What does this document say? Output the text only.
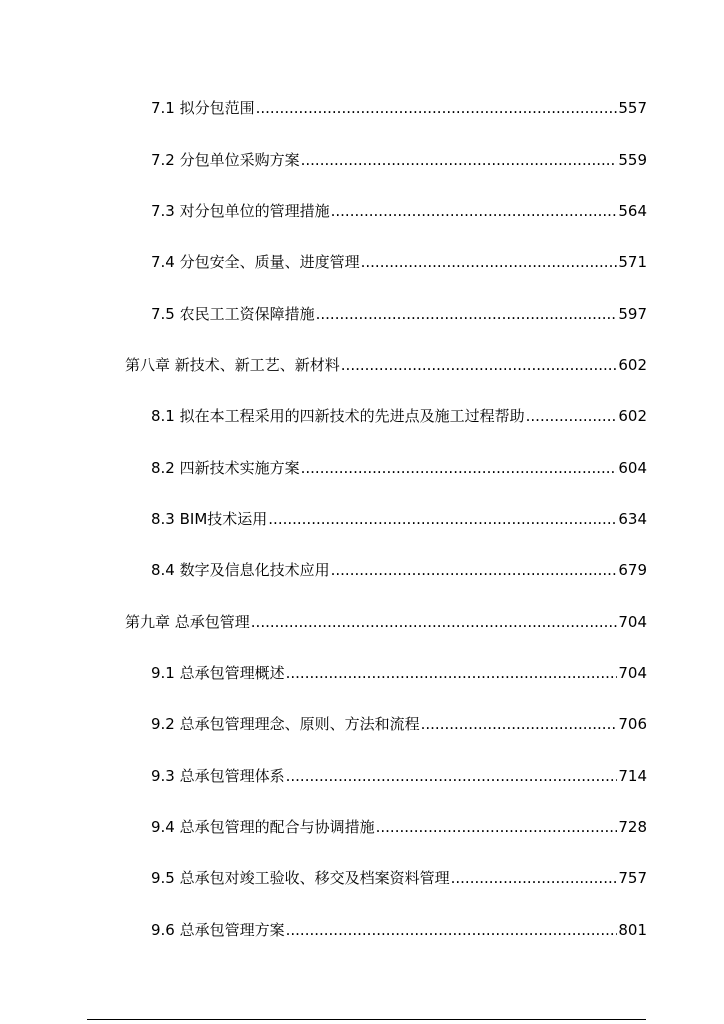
7.1 拟分包范围 .....	557
7.2 分包单位采购方案 .....	559
7.3 对分包单位的管理措施 .....	564
7.4 分包安全、质量、进度管理 .....	571
7.5 农民工工资保障措施 .....	597
第八章 新技术、新工艺、新材料 .....	602
8.1 拟在本工程采用的四新技术的先进点及施工过程帮助 .....	602
8.2 四新技术实施方案 .....	604
8.3 BIM技术运用 .....	634
8.4 数字及信息化技术应用 .....	679
第九章 总承包管理 .....	704
9.1 总承包管理概述 .....	704
9.2 总承包管理理念、原则、方法和流程 .....	706
9.3 总承包管理体系 .....	714
9.4 总承包管理的配合与协调措施 .....	728
9.5 总承包对竣工验收、移交及档案资料管理 .....	757
9.6 总承包管理方案 .....	801
